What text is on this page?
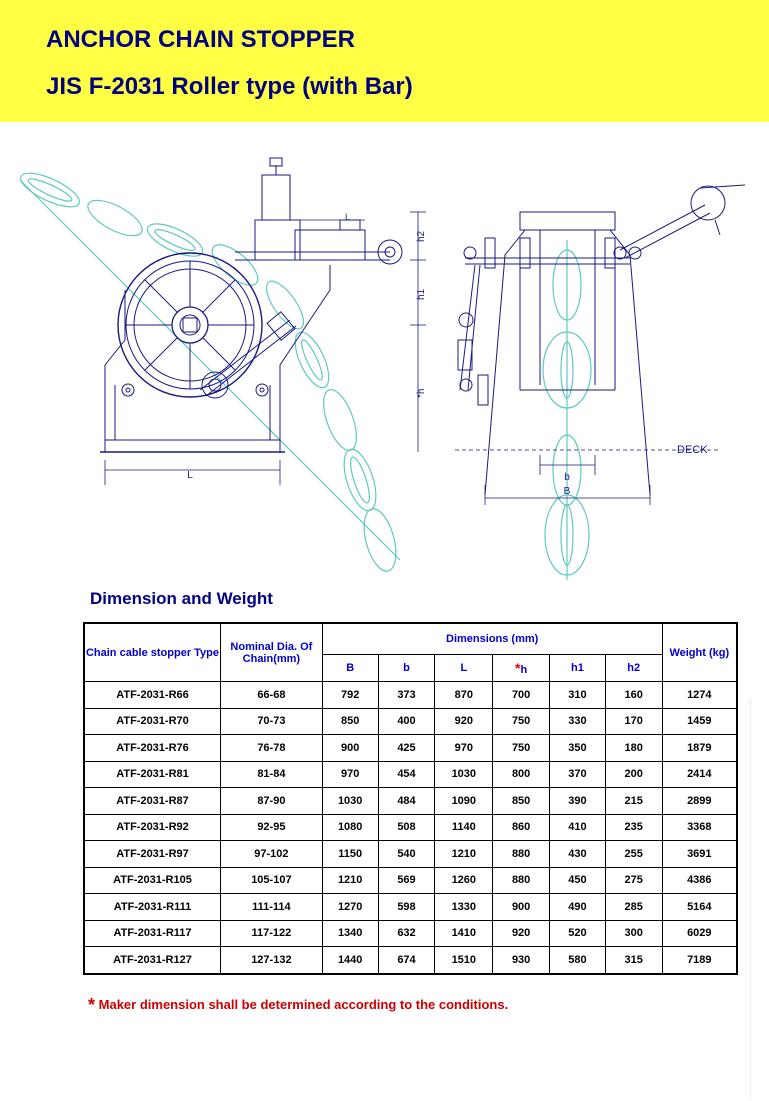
ANCHOR CHAIN STOPPER
JIS F-2031 Roller type (with Bar)
h2
h1
*h
L
L
b
B
DECK
Dimension and Weight
Chain cable stopper Type	Nominal Dia. Of Chain(mm)	Dimensions (mm)						Weight (kg)
		B	b	L	*h	h1	h2	
ATF-2031-R66	66-68	792	373	870	700	310	160	1274
ATF-2031-R70	70-73	850	400	920	750	330	170	1459
ATF-2031-R76	76-78	900	425	970	750	350	180	1879
ATF-2031-R81	81-84	970	454	1030	800	370	200	2414
ATF-2031-R87	87-90	1030	484	1090	850	390	215	2899
ATF-2031-R92	92-95	1080	508	1140	860	410	235	3368
ATF-2031-R97	97-102	1150	540	1210	880	430	255	3691
ATF-2031-R105	105-107	1210	569	1260	880	450	275	4386
ATF-2031-R111	111-114	1270	598	1330	900	490	285	5164
ATF-2031-R117	117-122	1340	632	1410	920	520	300	6029
ATF-2031-R127	127-132	1440	674	1510	930	580	315	7189
* Maker dimension shall be determined according to the conditions.
